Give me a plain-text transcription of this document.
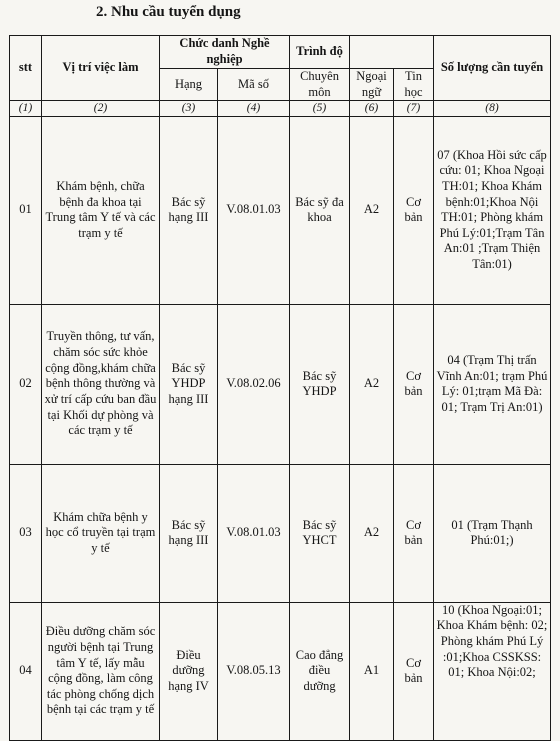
2. Nhu cầu tuyển dụng
stt	Vị trí việc làm	Chức danh Nghề nghiệp		Trình độ			Số lượng cần tuyển
		Hạng	Mã số	Chuyên môn	Ngoại ngữ	Tin học	
(1)	(2)	(3)	(4)	(5)	(6)	(7)	(8)
01	Khám bệnh, chữa bệnh đa khoa tại Trung tâm Y tế và các trạm y tế	Bác sỹ hạng III	V.08.01.03	Bác sỹ đa khoa	A2	Cơ bản	07 (Khoa Hồi sức cấp cứu: 01; Khoa Ngoại TH:01; Khoa Khám bệnh:01;Khoa Nội TH:01; Phòng khám Phú Lý:01;Trạm Tân An:01 ;Trạm Thiện Tân:01)
02	Truyền thông, tư vấn, chăm sóc sức khỏe cộng đồng,khám chữa bệnh thông thường và xử trí cấp cứu ban đầu tại Khối dự phòng và các trạm y tế	Bác sỹ YHDP hạng III	V.08.02.06	Bác sỹ YHDP	A2	Cơ bản	04 (Trạm Thị trấn Vĩnh An:01; trạm Phú Lý: 01;trạm Mã Đà: 01; Trạm Trị An:01)
03	Khám chữa bệnh y học cổ truyền tại trạm y tế	Bác sỹ hạng III	V.08.01.03	Bác sỹ YHCT	A2	Cơ bản	01 (Trạm Thạnh Phú:01;)
04	Điều dưỡng chăm sóc người bệnh tại Trung tâm Y tế, lấy mẫu cộng đồng, làm công tác phòng chống dịch bệnh tại các trạm y tế	Điều dưỡng hạng IV	V.08.05.13	Cao đẳng điều dưỡng	A1	Cơ bản	10 (Khoa Ngoại:01; Khoa Khám bệnh: 02; Phòng khám Phú Lý :01;Khoa CSSKSS: 01; Khoa Nội:02;
